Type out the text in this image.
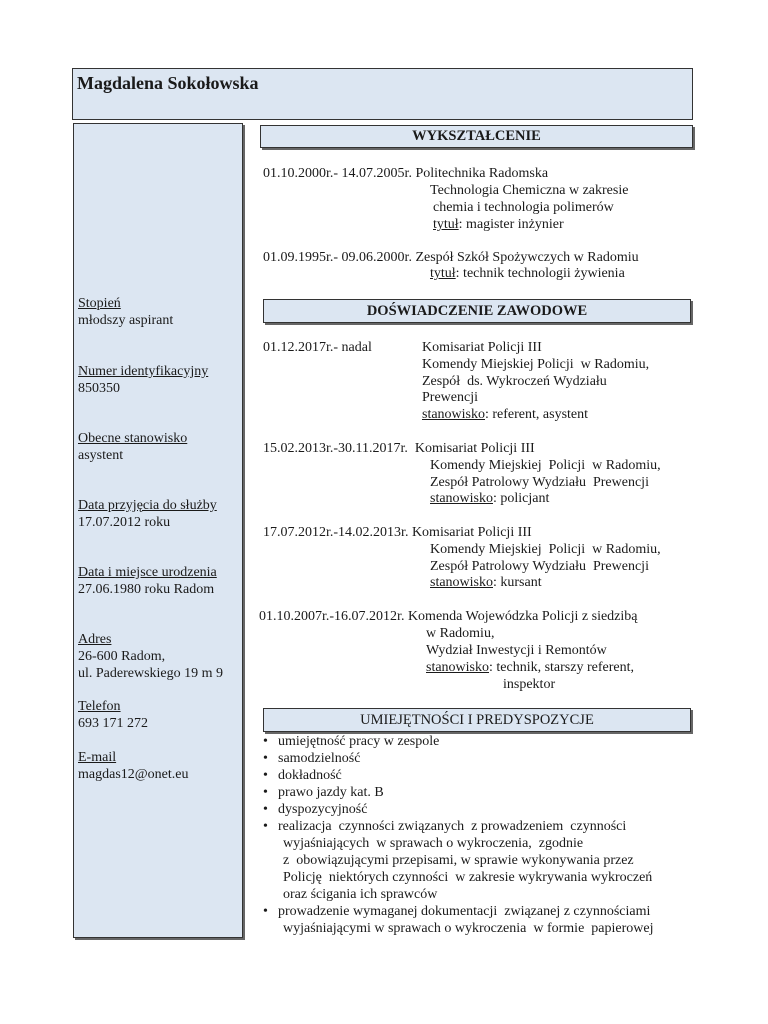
Magdalena Sokołowska
Stopień
młodszy aspirant
Numer identyfikacyjny
850350
Obecne stanowisko
asystent
Data przyjęcia do służby
17.07.2012 roku
Data i miejsce urodzenia
27.06.1980 roku Radom
Adres
26-600 Radom,
ul. Paderewskiego 19 m 9
Telefon
693 171 272
E-mail
magdas12@onet.eu
WYKSZTAŁCENIE
01.10.2000r.- 14.07.2005r. Politechnika Radomska
Technologia Chemiczna w zakresie
chemia i technologia polimerów
tytuł: magister inżynier
01.09.1995r.- 09.06.2000r. Zespół Szkół Spożywczych w Radomiu
tytuł: technik technologii żywienia
DOŚWIADCZENIE ZAWODOWE
01.12.2017r.- nadal	Komisariat Policji III
Komendy Miejskiej Policji  w Radomiu,
Zespół  ds. Wykroczeń Wydziału
Prewencji
stanowisko: referent, asystent
15.02.2013r.-30.11.2017r.  Komisariat Policji III
Komendy Miejskiej  Policji  w Radomiu,
Zespół Patrolowy Wydziału  Prewencji
stanowisko: policjant
17.07.2012r.-14.02.2013r. Komisariat Policji III
Komendy Miejskiej  Policji  w Radomiu,
Zespół Patrolowy Wydziału  Prewencji
stanowisko: kursant
01.10.2007r.-16.07.2012r. Komenda Wojewódzka Policji z siedzibą
w Radomiu,
Wydział Inwestycji i Remontów
stanowisko: technik, starszy referent,
inspektor
UMIEJĘTNOŚCI I PREDYSPOZYCJE
• umiejętność pracy w zespole
• samodzielność
• dokładność
• prawo jazdy kat. B
• dyspozycyjność
• realizacja  czynności związanych  z prowadzeniem  czynności
wyjaśniających  w sprawach o wykroczenia,  zgodnie
z  obowiązującymi przepisami, w sprawie wykonywania przez
Policję  niektórych czynności  w zakresie wykrywania wykroczeń
oraz ścigania ich sprawców
• prowadzenie wymaganej dokumentacji  związanej z czynnościami
wyjaśniającymi w sprawach o wykroczenia  w formie  papierowej
